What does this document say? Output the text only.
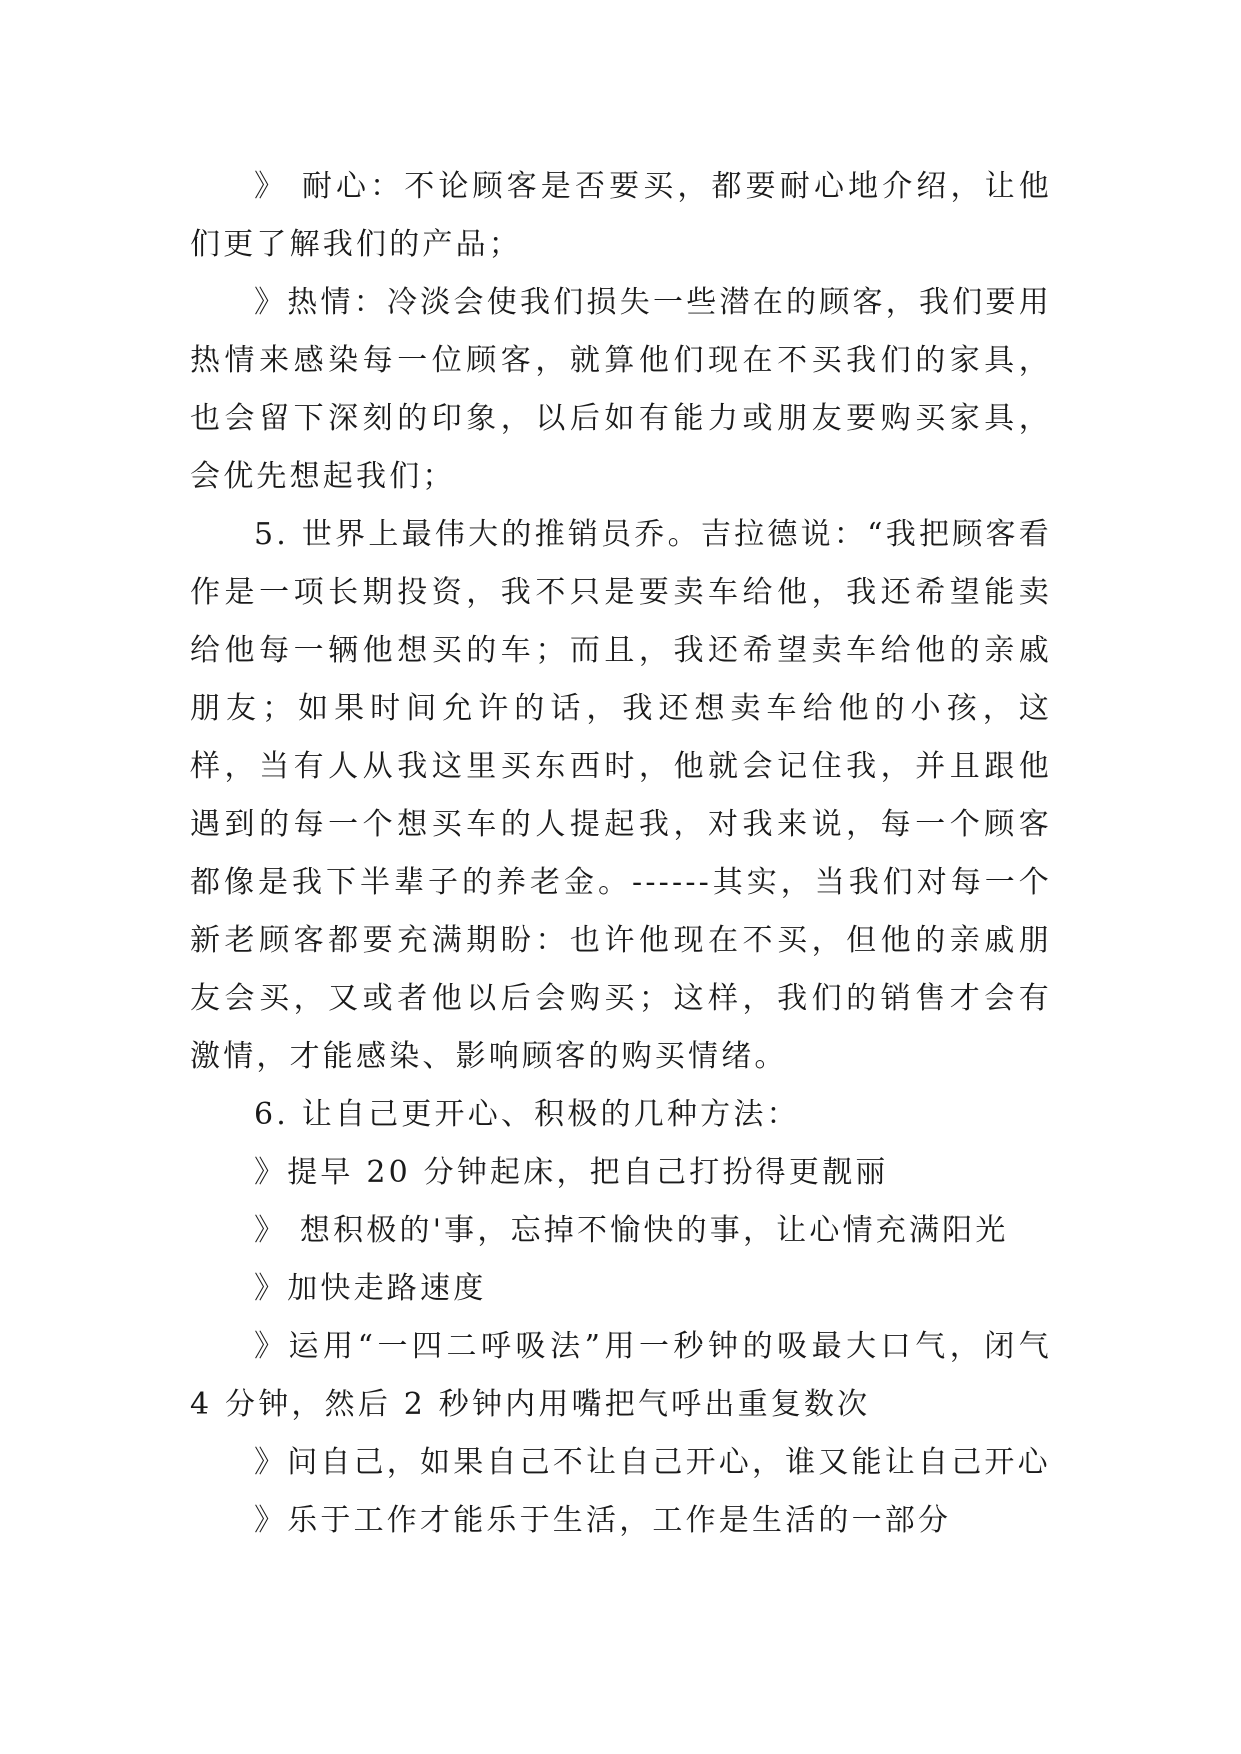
》 耐心：不论顾客是否要买，都要耐心地介绍，让他们更了解我们的产品；

》热情：冷淡会使我们损失一些潜在的顾客，我们要用热情来感染每一位顾客，就算他们现在不买我们的家具，也会留下深刻的印象，以后如有能力或朋友要购买家具，会优先想起我们；

5. 世界上最伟大的推销员乔。吉拉德说：“我把顾客看作是一项长期投资，我不只是要卖车给他，我还希望能卖给他每一辆他想买的车；而且，我还希望卖车给他的亲戚朋友；如果时间允许的话，我还想卖车给他的小孩，这样，当有人从我这里买东西时，他就会记住我，并且跟他遇到的每一个想买车的人提起我，对我来说，每一个顾客都像是我下半辈子的养老金。------其实，当我们对每一个新老顾客都要充满期盼：也许他现在不买，但他的亲戚朋友会买，又或者他以后会购买；这样，我们的销售才会有激情，才能感染、影响顾客的购买情绪。

6. 让自己更开心、积极的几种方法：

》提早 20 分钟起床，把自己打扮得更靓丽

》 想积极的'事，忘掉不愉快的事，让心情充满阳光

》加快走路速度

》运用“一四二呼吸法”用一秒钟的吸最大口气，闭气 4 分钟，然后 2 秒钟内用嘴把气呼出重复数次

》问自己，如果自己不让自己开心，谁又能让自己开心

》乐于工作才能乐于生活，工作是生活的一部分
